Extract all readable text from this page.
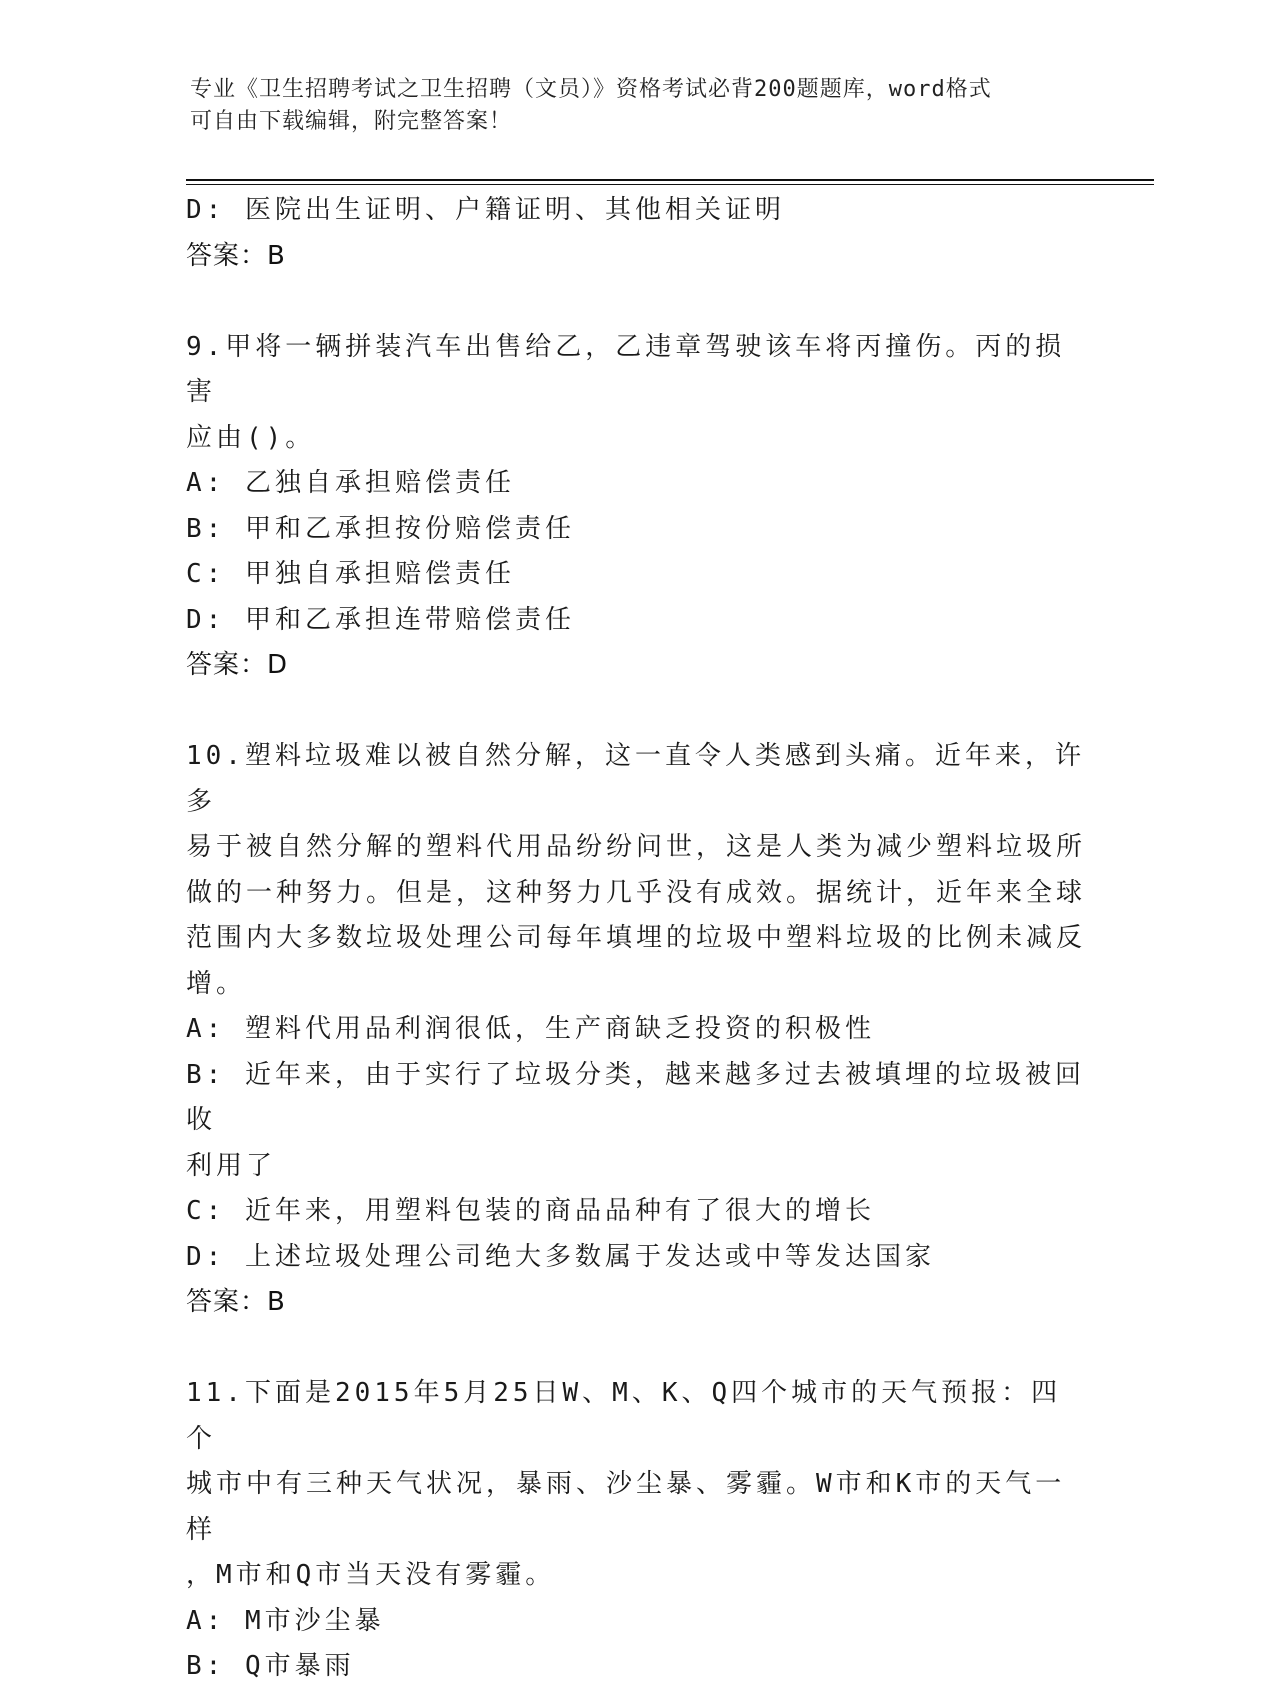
专业《卫生招聘考试之卫生招聘（文员）》资格考试必背200题题库，word格式
可自由下载编辑，附完整答案！
D: 医院出生证明、户籍证明、其他相关证明
答案：B
9.甲将一辆拼装汽车出售给乙，乙违章驾驶该车将丙撞伤。丙的损害
应由()。
A: 乙独自承担赔偿责任
B: 甲和乙承担按份赔偿责任
C: 甲独自承担赔偿责任
D: 甲和乙承担连带赔偿责任
答案：D
10.塑料垃圾难以被自然分解，这一直令人类感到头痛。近年来，许多
易于被自然分解的塑料代用品纷纷问世，这是人类为减少塑料垃圾所
做的一种努力。但是，这种努力几乎没有成效。据统计，近年来全球
范围内大多数垃圾处理公司每年填埋的垃圾中塑料垃圾的比例未减反
增。
A: 塑料代用品利润很低，生产商缺乏投资的积极性
B: 近年来，由于实行了垃圾分类，越来越多过去被填埋的垃圾被回收
利用了
C: 近年来，用塑料包装的商品品种有了很大的增长
D: 上述垃圾处理公司绝大多数属于发达或中等发达国家
答案：B
11.下面是2015年5月25日W、M、K、Q四个城市的天气预报：四个
城市中有三种天气状况，暴雨、沙尘暴、雾霾。W市和K市的天气一样
，M市和Q市当天没有雾霾。
A: M市沙尘暴
B: Q市暴雨
